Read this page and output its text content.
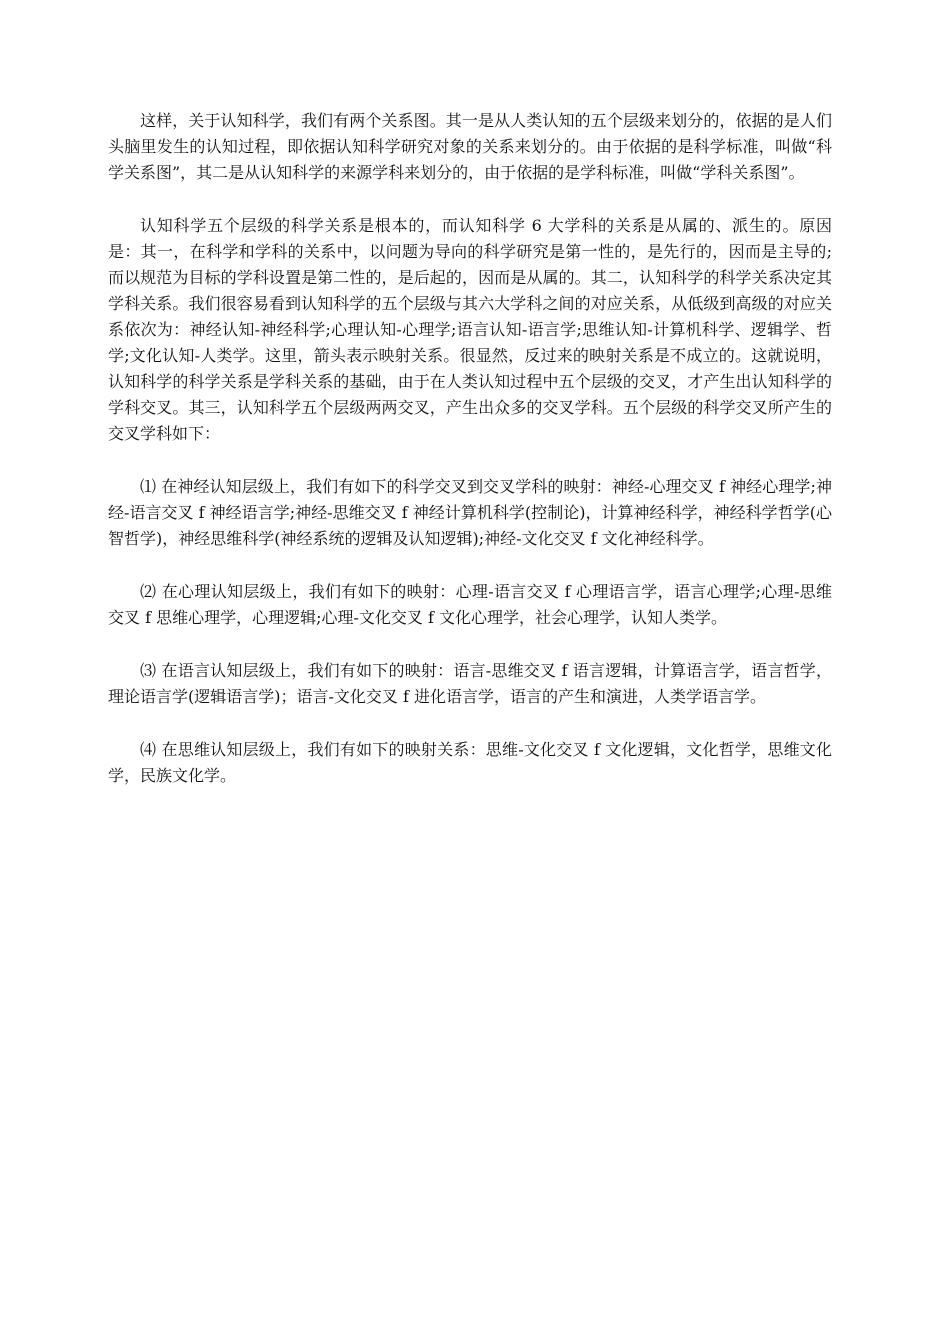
这样，关于认知科学，我们有两个关系图。其一是从人类认知的五个层级来划分的，依据的是人们头脑里发生的认知过程，即依据认知科学研究对象的关系来划分的。由于依据的是科学标准，叫做“科学关系图”，其二是从认知科学的来源学科来划分的，由于依据的是学科标准，叫做“学科关系图”。

认知科学五个层级的科学关系是根本的，而认知科学 6 大学科的关系是从属的、派生的。原因是：其一，在科学和学科的关系中，以问题为导向的科学研究是第一性的，是先行的，因而是主导的;而以规范为目标的学科设置是第二性的，是后起的，因而是从属的。其二，认知科学的科学关系决定其学科关系。我们很容易看到认知科学的五个层级与其六大学科之间的对应关系，从低级到高级的对应关系依次为：神经认知-神经科学;心理认知-心理学;语言认知-语言学;思维认知-计算机科学、逻辑学、哲学;文化认知-人类学。这里，箭头表示映射关系。很显然，反过来的映射关系是不成立的。这就说明，认知科学的科学关系是学科关系的基础，由于在人类认知过程中五个层级的交叉，才产生出认知科学的学科交叉。其三，认知科学五个层级两两交叉，产生出众多的交叉学科。五个层级的科学交叉所产生的交叉学科如下：

⑴ 在神经认知层级上，我们有如下的科学交叉到交叉学科的映射：神经-心理交叉 f 神经心理学;神经-语言交叉 f 神经语言学;神经-思维交叉 f 神经计算机科学(控制论)，计算神经科学，神经科学哲学(心智哲学)，神经思维科学(神经系统的逻辑及认知逻辑);神经-文化交叉 f 文化神经科学。

⑵ 在心理认知层级上，我们有如下的映射：心理-语言交叉 f 心理语言学，语言心理学;心理-思维交叉 f 思维心理学，心理逻辑;心理-文化交叉 f 文化心理学，社会心理学，认知人类学。

⑶ 在语言认知层级上，我们有如下的映射：语言-思维交叉 f 语言逻辑，计算语言学，语言哲学，理论语言学(逻辑语言学)；语言-文化交叉 f 进化语言学，语言的产生和演进，人类学语言学。

⑷ 在思维认知层级上，我们有如下的映射关系：思维-文化交叉 f 文化逻辑，文化哲学，思维文化学，民族文化学。
